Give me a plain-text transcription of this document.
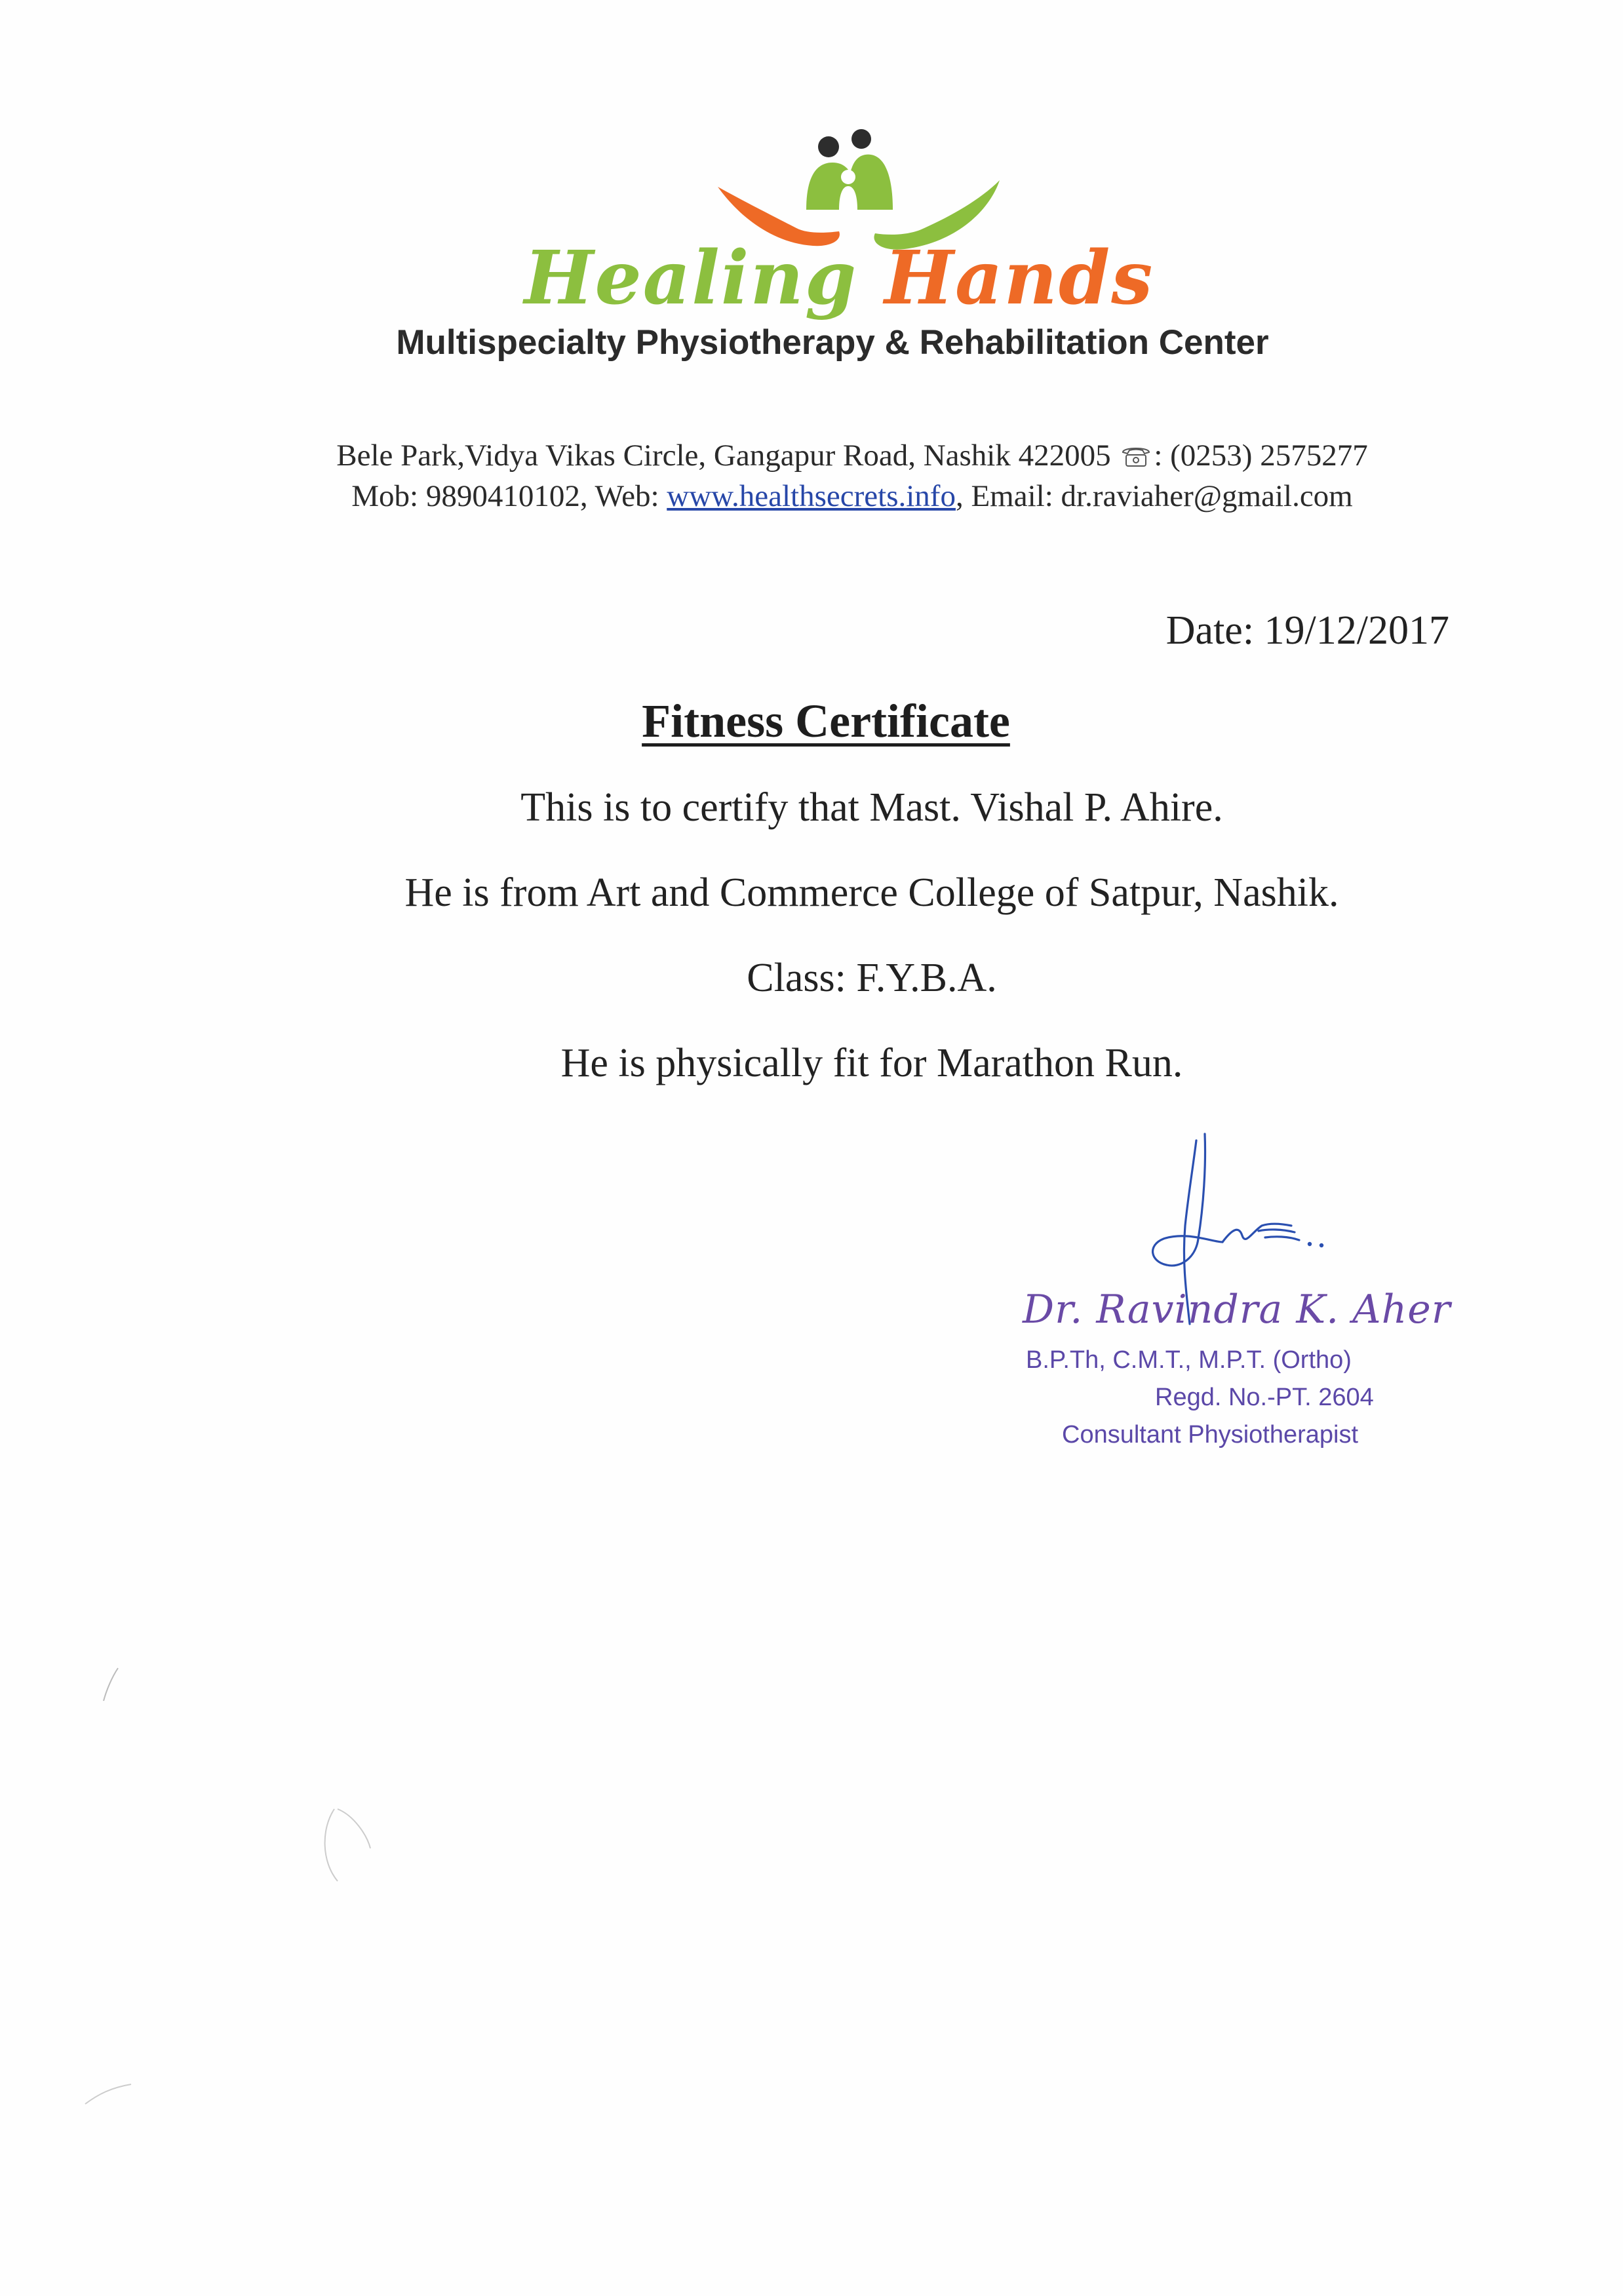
Healing Hands
Multispecialty Physiotherapy & Rehabilitation Center
Bele Park,Vidya Vikas Circle, Gangapur Road, Nashik 422005 : (0253) 2575277
Mob: 9890410102, Web: www.healthsecrets.info, Email: dr.raviaher@gmail.com
Date: 19/12/2017
Fitness Certificate
This is to certify that Mast. Vishal P. Ahire.
He is from Art and Commerce College of Satpur, Nashik.
Class: F.Y.B.A.
He is physically fit for Marathon Run.
Dr. Ravindra K. Aher
B.P.Th, C.M.T., M.P.T. (Ortho)
Regd. No.-PT. 2604
Consultant Physiotherapist
